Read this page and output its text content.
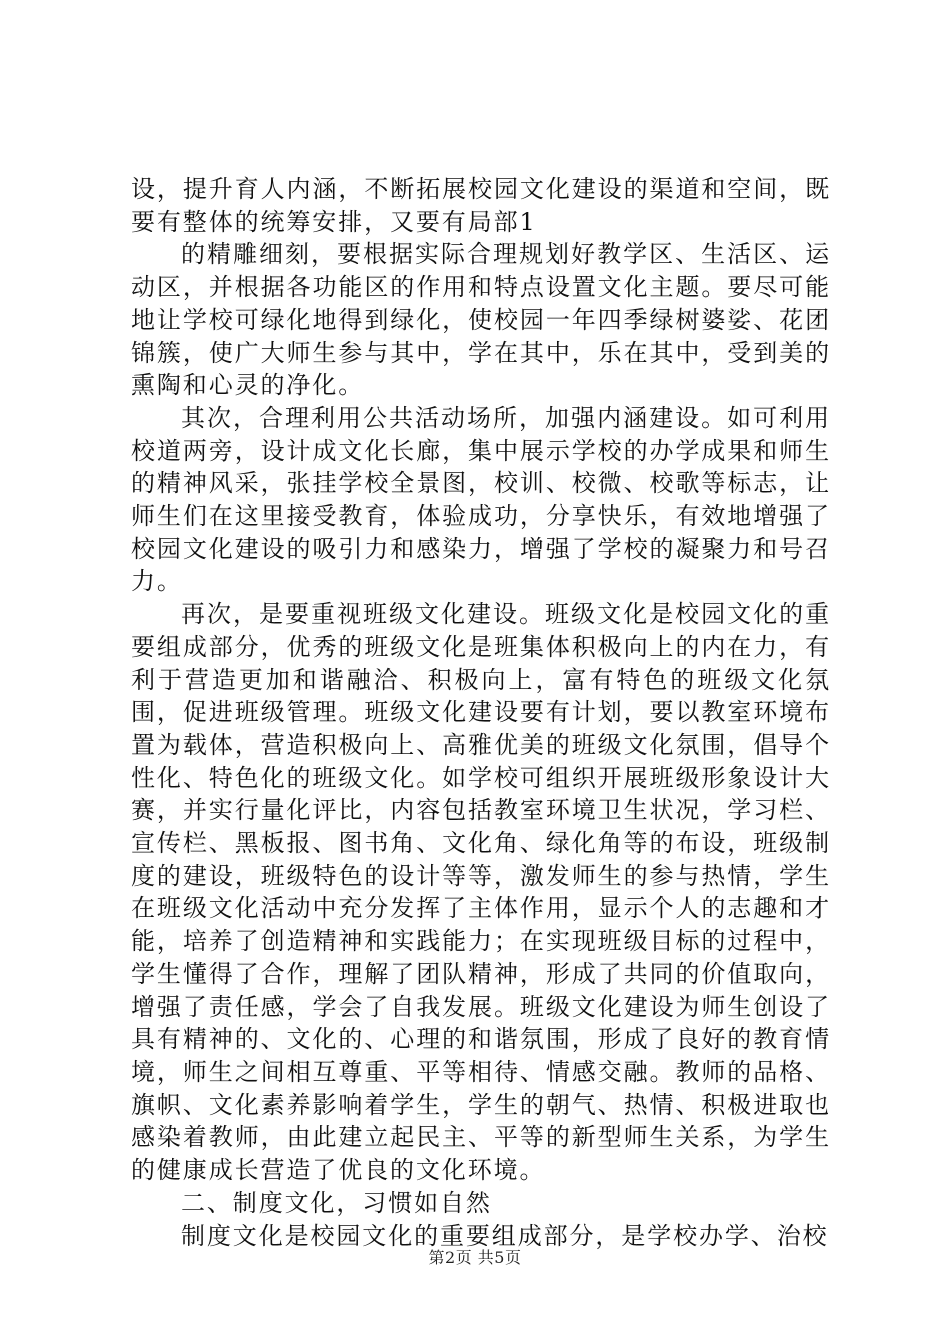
设，提升育人内涵，不断拓展校园文化建设的渠道和空间，既要有整体的统筹安排，又要有局部1

的精雕细刻，要根据实际合理规划好教学区、生活区、运动区，并根据各功能区的作用和特点设置文化主题。要尽可能地让学校可绿化地得到绿化，使校园一年四季绿树婆娑、花团锦簇，使广大师生参与其中，学在其中，乐在其中，受到美的熏陶和心灵的净化。

其次，合理利用公共活动场所，加强内涵建设。如可利用校道两旁，设计成文化长廊，集中展示学校的办学成果和师生的精神风采，张挂学校全景图，校训、校微、校歌等标志，让师生们在这里接受教育，体验成功，分享快乐，有效地增强了校园文化建设的吸引力和感染力，增强了学校的凝聚力和号召力。

再次，是要重视班级文化建设。班级文化是校园文化的重要组成部分，优秀的班级文化是班集体积极向上的内在力，有利于营造更加和谐融洽、积极向上，富有特色的班级文化氛围，促进班级管理。班级文化建设要有计划，要以教室环境布置为载体，营造积极向上、高雅优美的班级文化氛围，倡导个性化、特色化的班级文化。如学校可组织开展班级形象设计大赛，并实行量化评比，内容包括教室环境卫生状况，学习栏、宣传栏、黑板报、图书角、文化角、绿化角等的布设，班级制度的建设，班级特色的设计等等，激发师生的参与热情，学生在班级文化活动中充分发挥了主体作用，显示个人的志趣和才能，培养了创造精神和实践能力；在实现班级目标的过程中，学生懂得了合作，理解了团队精神，形成了共同的价值取向，增强了责任感，学会了自我发展。班级文化建设为师生创设了具有精神的、文化的、心理的和谐氛围，形成了良好的教育情境，师生之间相互尊重、平等相待、情感交融。教师的品格、旗帜、文化素养影响着学生，学生的朝气、热情、积极进取也感染着教师，由此建立起民主、平等的新型师生关系，为学生的健康成长营造了优良的文化环境。

二、制度文化，习惯如自然

制度文化是校园文化的重要组成部分，是学校办学、治校

第2页 共5页
